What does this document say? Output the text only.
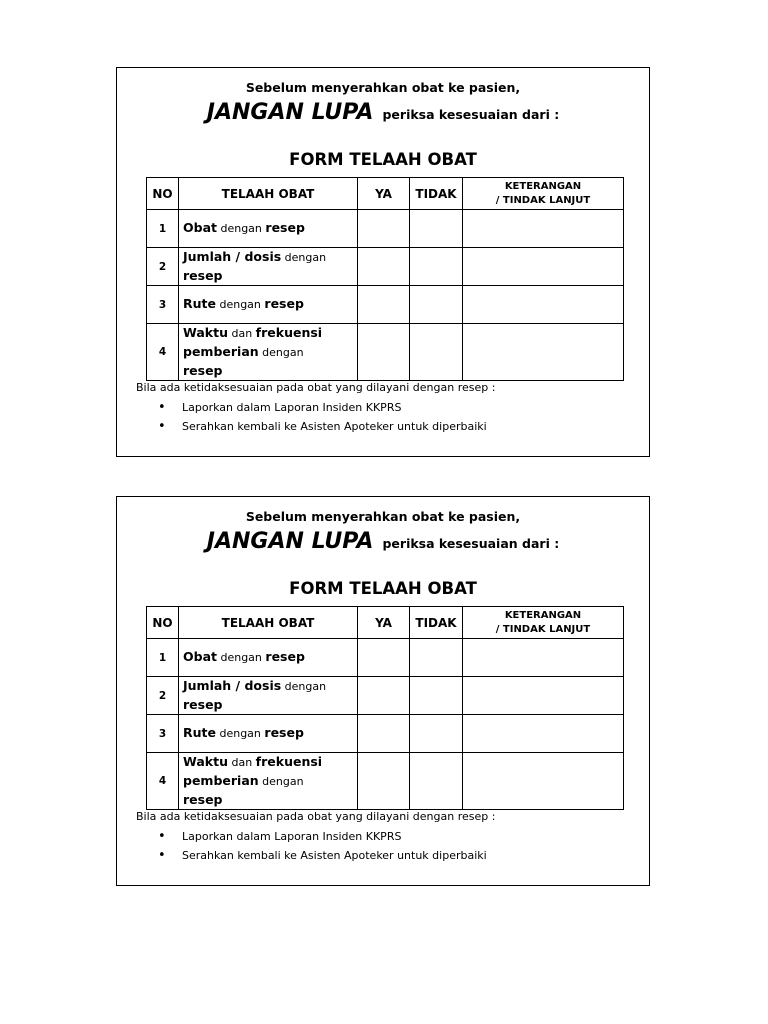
Sebelum menyerahkan obat ke pasien,
JANGAN LUPA periksa kesesuaian dari :
FORM TELAAH OBAT
NO	TELAAH OBAT	YA	TIDAK	KETERANGAN
/ TINDAK LANJUT

1	Obat dengan resep			
2	Jumlah / dosis dengan
resep			
3	Rute dengan resep			
4	Waktu dan frekuensi pemberian dengan
resep			
Bila ada ketidaksesuaian pada obat yang dilayani dengan resep :
• Laporkan dalam Laporan Insiden KKPRS
• Serahkan kembali ke Asisten Apoteker untuk diperbaiki
Sebelum menyerahkan obat ke pasien,
JANGAN LUPA periksa kesesuaian dari :
FORM TELAAH OBAT
NO	TELAAH OBAT	YA	TIDAK	KETERANGAN
/ TINDAK LANJUT

1	Obat dengan resep			
2	Jumlah / dosis dengan
resep			
3	Rute dengan resep			
4	Waktu dan frekuensi pemberian dengan
resep			
Bila ada ketidaksesuaian pada obat yang dilayani dengan resep :
• Laporkan dalam Laporan Insiden KKPRS
• Serahkan kembali ke Asisten Apoteker untuk diperbaiki
